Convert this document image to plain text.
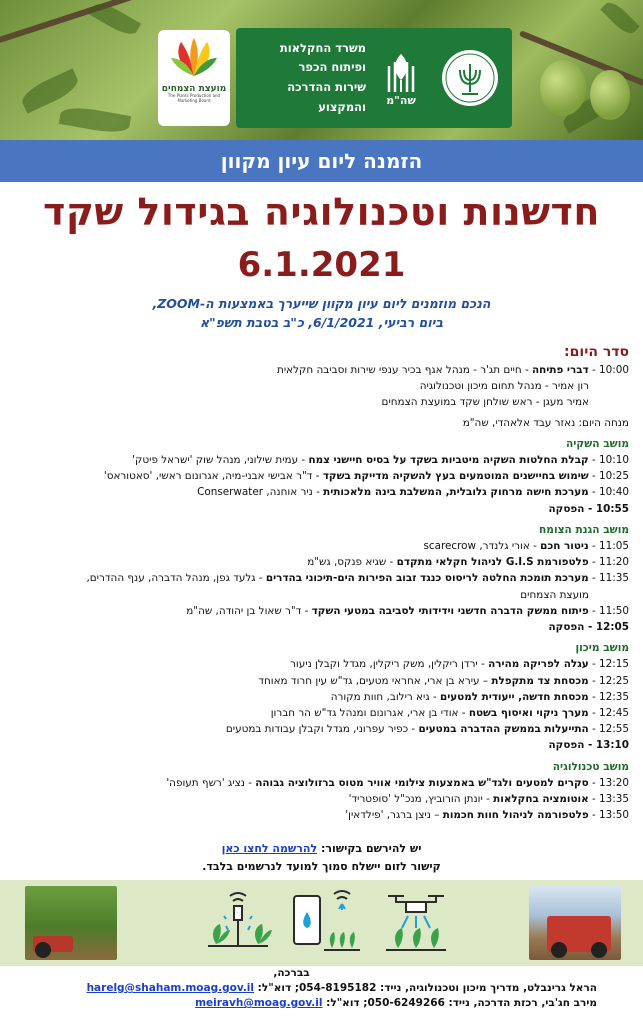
מועצת הצמחים
The Plants Production and Marketing Board	שה"מ
משרד החקלאות ופיתוח הכפר
שירות ההדרכה והמקצוע
הזמנה ליום עיון מקוון
חדשנות וטכנולוגיה בגידול שקד
6.1.2021
הנכם מוזמנים ליום עיון מקוון שייערך באמצעות ה-ZOOM,
ביום רביעי, 6/1/2021, כ"ב בטבת תשפ"א
סדר היום:
10:00 - דברי פתיחה - חיים תג'ר - מנהל אגף בכיר ענפי שירות וסביבה חקלאית
רון אמיר - מנהל תחום מיכון וטכנולוגיה
אמיר מעגן - ראש שולחן שקד במועצת הצמחים
מנחה היום: נאזר עבד אלאהדי, שה"מ
מושב השקיה
10:10 - קבלת החלטות השקיה מיטביות בשקד על בסיס חיישני צמח - עמית שילוני, מנהל שוק 'ישראל פיטק'
10:25 - שימוש בחיישנים המוטמעים בעץ להשקיה מדייקת בשקד - ד"ר אבישי אבני-מיה, אגרונום ראשי, 'סאטוראס'
10:40 - מערכת חישה מרחוק גלובלית, המשלבת בינה מלאכותית - ניר אוחנה, Conserwater
10:55 - הפסקה
מושב הגנת הצומח
11:05 - ניטור חכם - אורי גלנדר, scarecrow
11:20 - פלטפורמת G.I.S לניהול חקלאי מתקדם - שגיא פנקס, גש"מ
11:35 - מערכת תומכת החלטה לריסוס כנגד זבוב הפירות הים-תיכוני בהדרים - גלעד גפן, מנהל הדברה, ענף ההדרים,
מועצת הצמחים
11:50 - פיתוח ממשק הדברה חדשני וידידותי לסביבה במטעי השקד - ד"ר שאול בן יהודה, שה"מ
12:05 - הפסקה
מושב מיכון
12:15 - עגלה לפריקה מהירה - ירדן ריקלין, משק ריקלין, מגדל וקבלן ניעור
12:25 - מכסחת צד מתקפלת – עירא בן ארי, אחראי מטעים, גד"ש עין חרוד מאוחד
12:35 - מכסחת חדשה, ייעודית למטעים - גיא רילוב, חוות מקורה
12:45 - מערך ניקוי ואיסוף בשטח - אודי בן ארי, אגרונום ומנהל גד"ש הר חברון
12:55 - התייעלות בממשק ההדברה במטעים - כפיר עפרוני, מגדל וקבלן עבודות במטעים
13:10 - הפסקה
מושב טכנולוגיה
13:20 - סקרים למטעים ולגד"ש באמצעות צילומי אוויר מטוס ברזולוציה גבוהה - נציג 'רשף תעופה'
13:35 - אוטומציה בחקלאות - יונתן הורוביץ, מנכ"ל 'סופטריד'
13:50 - פלטפורמה לניהול חוות חכמות – ניצן ברגר, 'פילדאין'
יש להירשם בקישור: להרשמה לחצו כאן
קישור לזום יישלח סמוך למועד לנרשמים בלבד.
בברכה,
הראל גרינבלט, מדריך מיכון וטכנולוגיה, נייד: 054-8195182; דוא"ל: harelg@shaham.moag.gov.il
מירב חג'בי, רכזת הדרכה, נייד: 050-6249266; דוא"ל: meiravh@moag.gov.il
